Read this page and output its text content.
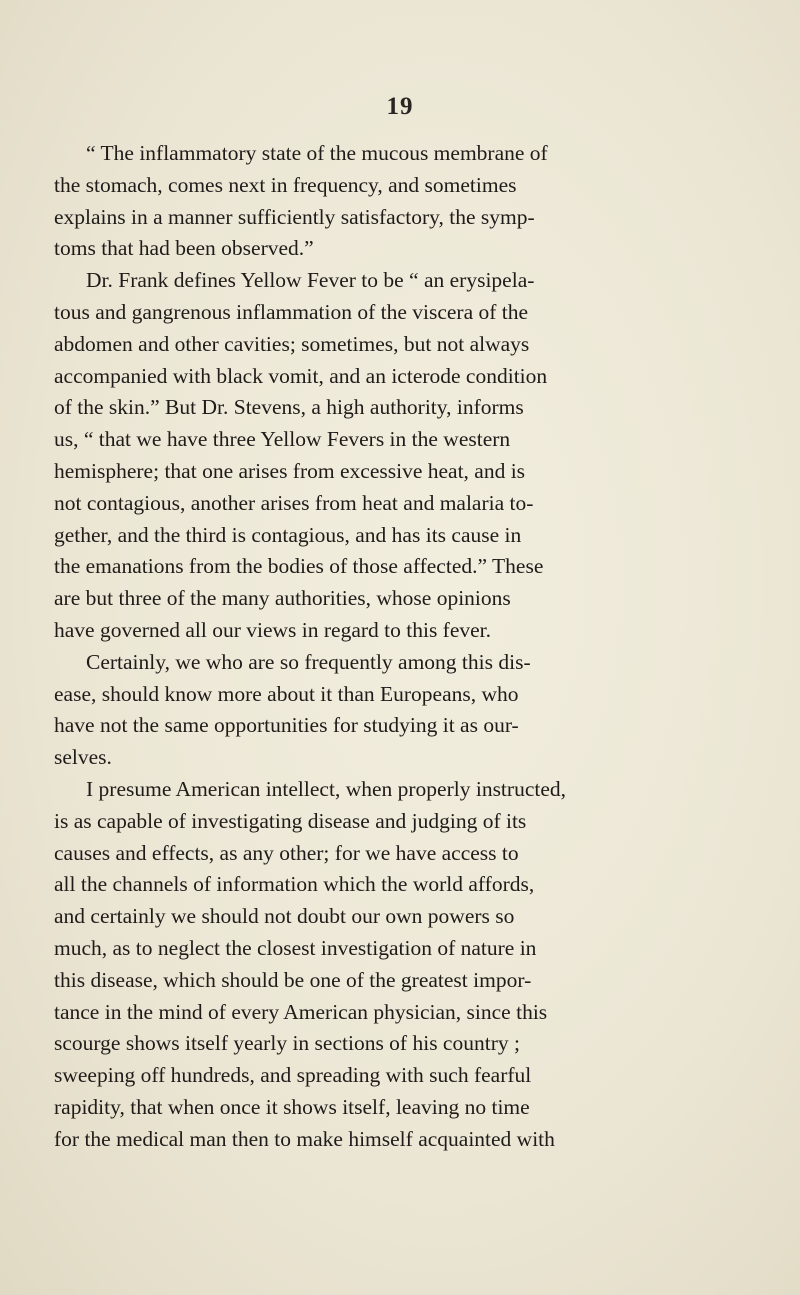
19
“ The inflammatory state of the mucous membrane of
the stomach, comes next in frequency, and sometimes
explains in a manner sufficiently satisfactory, the symp-
toms that had been observed.”
Dr. Frank defines Yellow Fever to be “ an erysipela-
tous and gangrenous inflammation of the viscera of the
abdomen and other cavities; sometimes, but not always
accompanied with black vomit, and an icterode condition
of the skin.” But Dr. Stevens, a high authority, informs
us, “ that we have three Yellow Fevers in the western
hemisphere; that one arises from excessive heat, and is
not contagious, another arises from heat and malaria to-
gether, and the third is contagious, and has its cause in
the emanations from the bodies of those affected.” These
are but three of the many authorities, whose opinions
have governed all our views in regard to this fever.
Certainly, we who are so frequently among this dis-
ease, should know more about it than Europeans, who
have not the same opportunities for studying it as our-
selves.
I presume American intellect, when properly instructed,
is as capable of investigating disease and judging of its
causes and effects, as any other; for we have access to
all the channels of information which the world affords,
and certainly we should not doubt our own powers so
much, as to neglect the closest investigation of nature in
this disease, which should be one of the greatest impor-
tance in the mind of every American physician, since this
scourge shows itself yearly in sections of his country ;
sweeping off hundreds, and spreading with such fearful
rapidity, that when once it shows itself, leaving no time
for the medical man then to make himself acquainted with
